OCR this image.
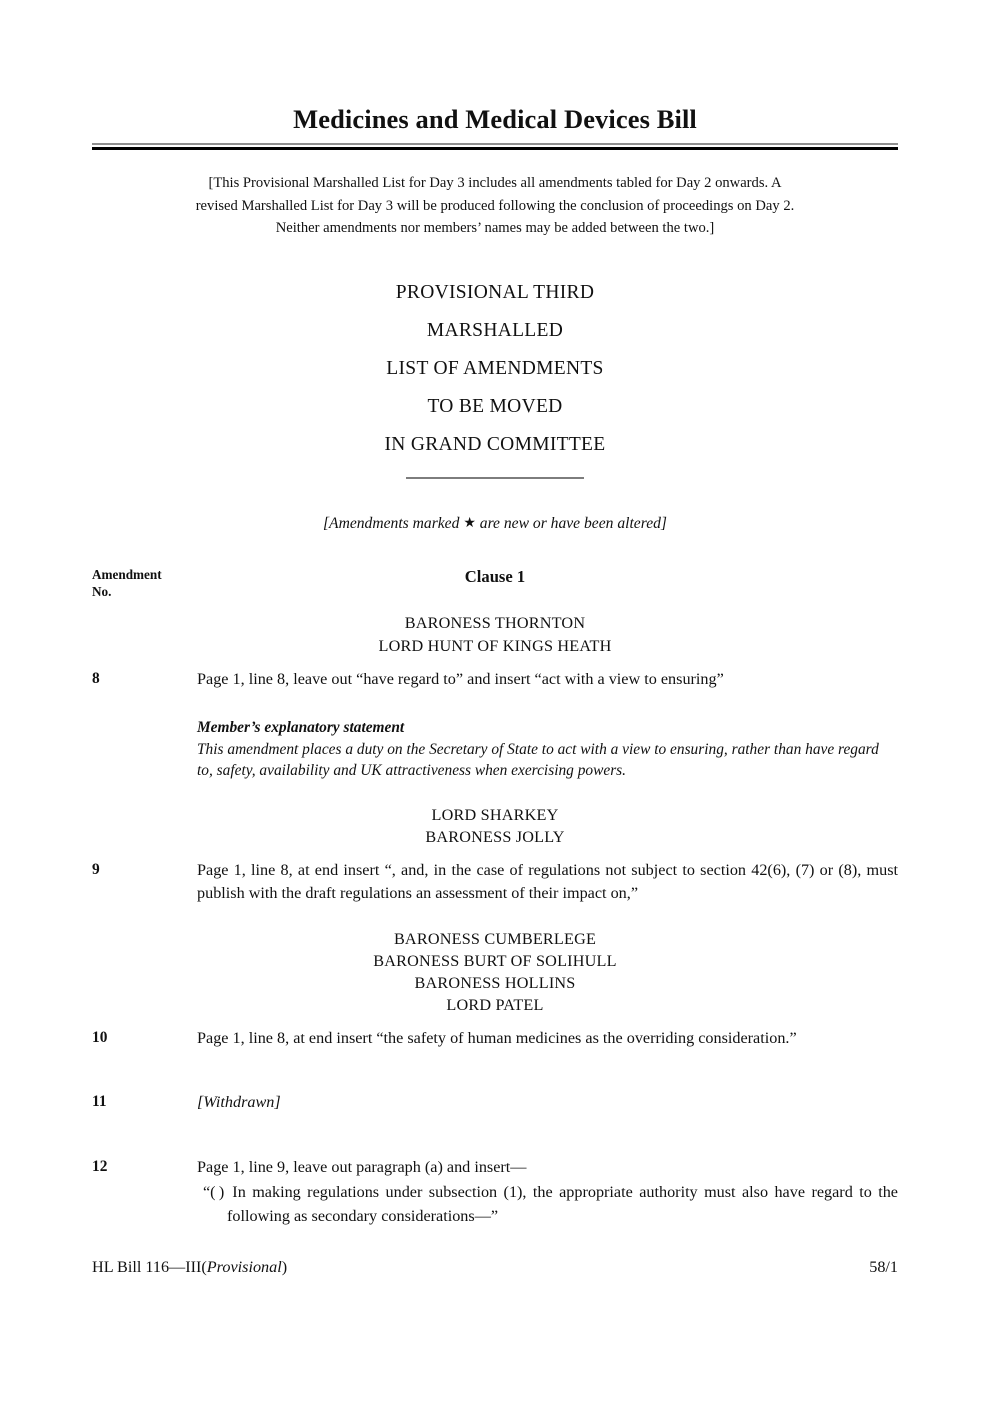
Medicines and Medical Devices Bill

[This Provisional Marshalled List for Day 3 includes all amendments tabled for Day 2 onwards. A revised Marshalled List for Day 3 will be produced following the conclusion of proceedings on Day 2. Neither amendments nor members’ names may be added between the two.]

PROVISIONAL THIRD

MARSHALLED

LIST OF AMENDMENTS

TO BE MOVED

IN GRAND COMMITTEE

[Amendments marked ★ are new or have been altered]

Amendment
No.

Clause 1

BARONESS THORNTON
LORD HUNT OF KINGS HEATH
8	Page 1, line 8, leave out “have regard to” and insert “act with a view to ensuring”
Member’s explanatory statement
This amendment places a duty on the Secretary of State to act with a view to ensuring, rather than have regard to, safety, availability and UK attractiveness when exercising powers.
LORD SHARKEY
BARONESS JOLLY
9	Page 1, line 8, at end insert “, and, in the case of regulations not subject to section 42(6), (7) or (8), must publish with the draft regulations an assessment of their impact on,”
BARONESS CUMBERLEGE
BARONESS BURT OF SOLIHULL
BARONESS HOLLINS
LORD PATEL
10	Page 1, line 8, at end insert “the safety of human medicines as the overriding consideration.”
11	[Withdrawn]
12	Page 1, line 9, leave out paragraph (a) and insert—
“( ) In making regulations under subsection (1), the appropriate authority must also have regard to the following as secondary considerations—”
HL Bill 116—III(Provisional)	58/1
